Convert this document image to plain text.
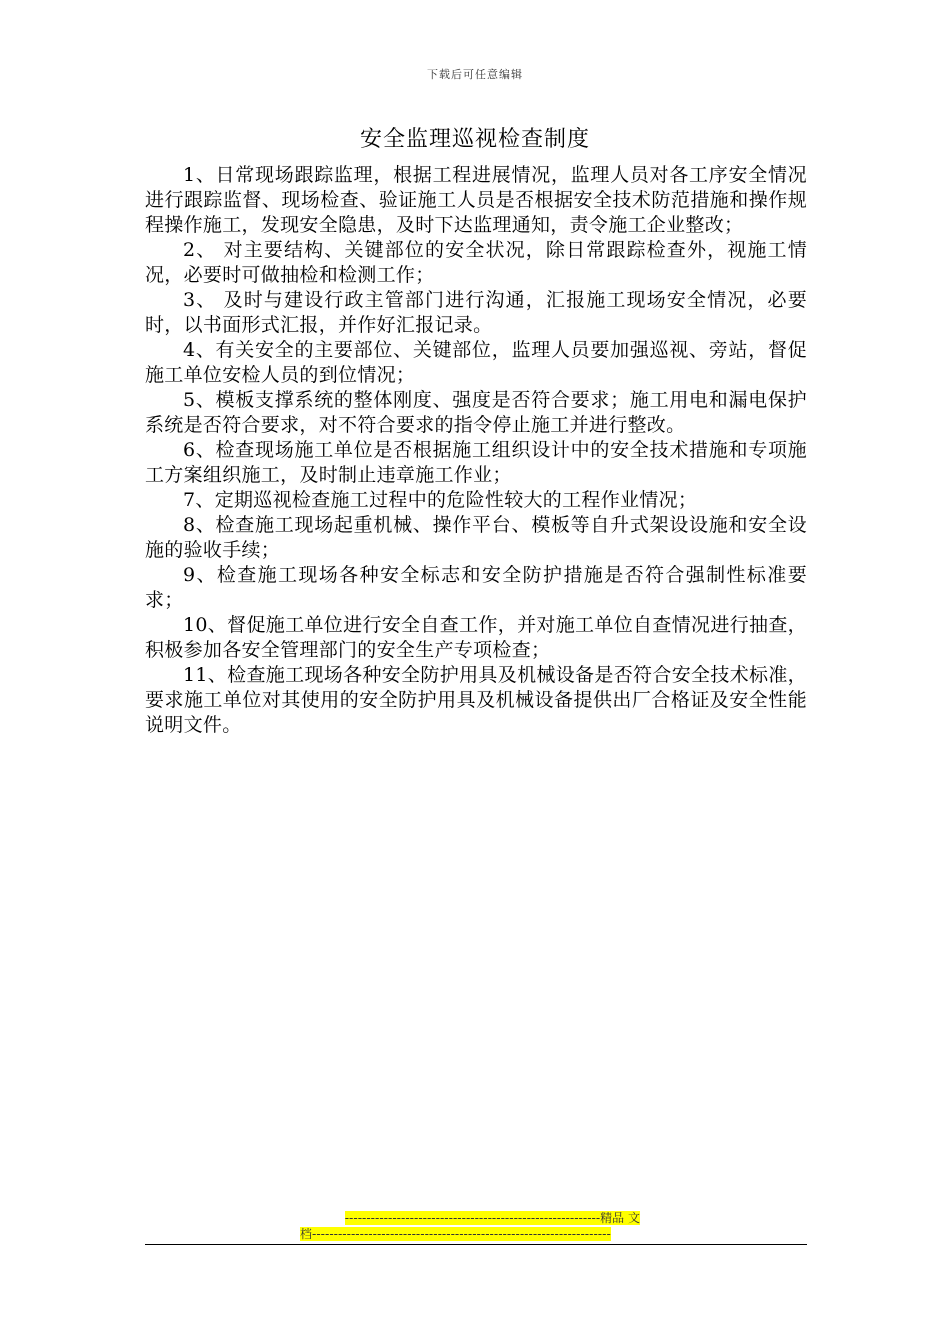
下载后可任意编辑
安全监理巡视检查制度

1、日常现场跟踪监理，根据工程进展情况，监理人员对各工序安全情况进行跟踪监督、现场检查、验证施工人员是否根据安全技术防范措施和操作规程操作施工，发现安全隐患，及时下达监理通知，责令施工企业整改；

2、 对主要结构、关键部位的安全状况，除日常跟踪检查外，视施工情况，必要时可做抽检和检测工作；

3、 及时与建设行政主管部门进行沟通，汇报施工现场安全情况，必要时，以书面形式汇报，并作好汇报记录。

4、有关安全的主要部位、关键部位，监理人员要加强巡视、旁站，督促施工单位安检人员的到位情况；

5、模板支撑系统的整体刚度、强度是否符合要求；施工用电和漏电保护系统是否符合要求，对不符合要求的指令停止施工并进行整改。

6、检查现场施工单位是否根据施工组织设计中的安全技术措施和专项施工方案组织施工，及时制止违章施工作业；

7、定期巡视检查施工过程中的危险性较大的工程作业情况；

8、检查施工现场起重机械、操作平台、模板等自升式架设设施和安全设施的验收手续；

9、检查施工现场各种安全标志和安全防护措施是否符合强制性标准要求；

10、督促施工单位进行安全自查工作，并对施工单位自查情况进行抽查，积极参加各安全管理部门的安全生产专项检查；

11、检查施工现场各种安全防护用具及机械设备是否符合安全技术标准，要求施工单位对其使用的安全防护用具及机械设备提供出厂合格证及安全性能说明文件。

-----------------------------------------------------------精品 文
档---------------------------------------------------------------------
